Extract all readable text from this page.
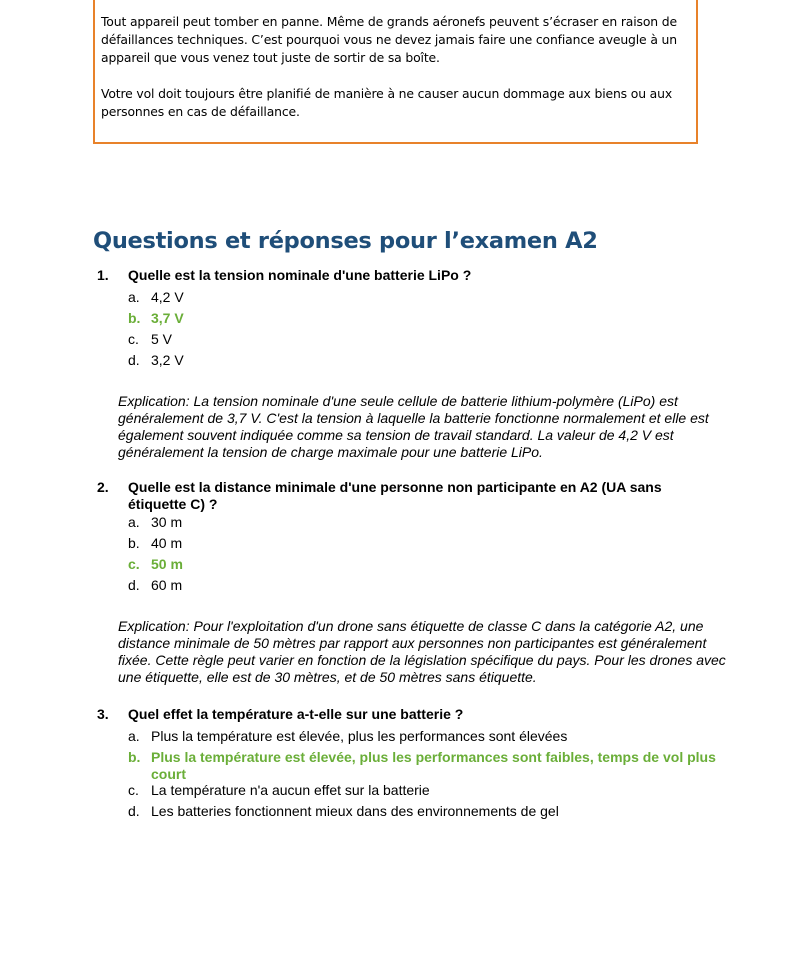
Tout appareil peut tomber en panne. Même de grands aéronefs peuvent s’écraser en raison de défaillances techniques. C’est pourquoi vous ne devez jamais faire une confiance aveugle à un appareil que vous venez tout juste de sortir de sa boîte.

Votre vol doit toujours être planifié de manière à ne causer aucun dommage aux biens ou aux personnes en cas de défaillance.

Questions et réponses pour l’examen A2
1. Quelle est la tension nominale d'une batterie LiPo ?
a. 4,2 V
b. 3,7 V
c. 5 V
d. 3,2 V

Explication: La tension nominale d'une seule cellule de batterie lithium-polymère (LiPo) est généralement de 3,7 V. C'est la tension à laquelle la batterie fonctionne normalement et elle est également souvent indiquée comme sa tension de travail standard. La valeur de 4,2 V est généralement la tension de charge maximale pour une batterie LiPo.

2. Quelle est la distance minimale d'une personne non participante en A2 (UA sans étiquette C) ?
a. 30 m
b. 40 m
c. 50 m
d. 60 m

Explication: Pour l'exploitation d'un drone sans étiquette de classe C dans la catégorie A2, une distance minimale de 50 mètres par rapport aux personnes non participantes est généralement fixée. Cette règle peut varier en fonction de la législation spécifique du pays. Pour les drones avec une étiquette, elle est de 30 mètres, et de 50 mètres sans étiquette.

3. Quel effet la température a-t-elle sur une batterie ?
a. Plus la température est élevée, plus les performances sont élevées
b. Plus la température est élevée, plus les performances sont faibles, temps de vol plus court
c. La température n'a aucun effet sur la batterie
d. Les batteries fonctionnent mieux dans des environnements de gel
